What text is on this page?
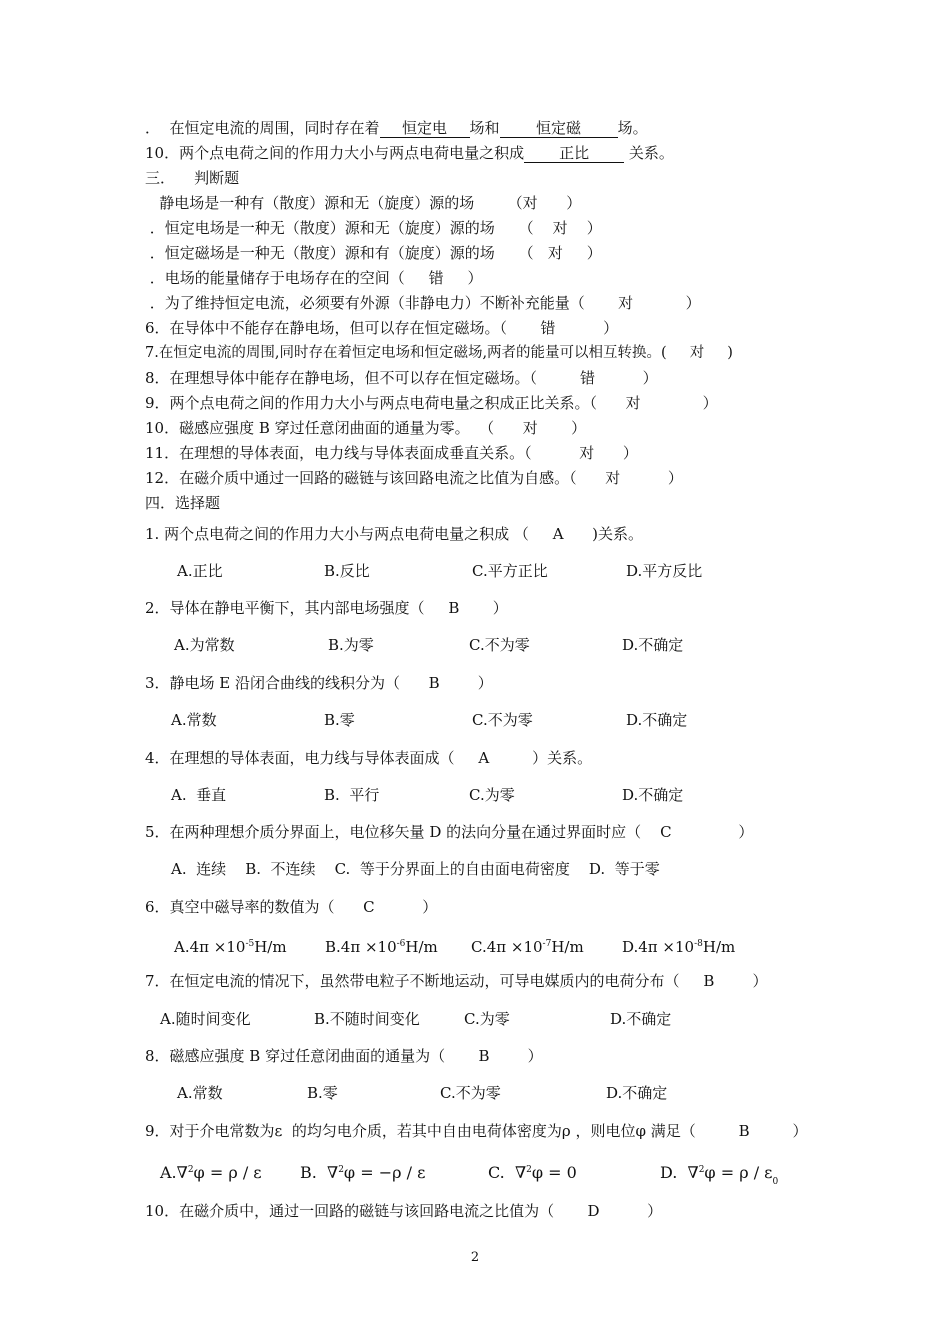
．  在恒定电流的周围，同时存在着 恒定电 场和 恒定磁 场。
10．两个点电荷之间的作用力大小与两点电荷电量之积成 正比 关系。
三．    判断题
静电场是一种有（散度）源和无（旋度）源的场       （对      ）
．恒定电场是一种无（散度）源和无（旋度）源的场     （    对    ）
．恒定磁场是一种无（散度）源和有（旋度）源的场     （   对     ）
．电场的能量储存于电场存在的空间（     错     ）
．为了维持恒定电流，必须要有外源（非静电力）不断补充能量（       对           ）
6．在导体中不能存在静电场，但可以存在恒定磁场。（       错          ）
7.在恒定电流的周围,同时存在着恒定电场和恒定磁场,两者的能量可以相互转换。(     对     )
8．在理想导体中能存在静电场，但不可以存在恒定磁场。（         错          ）
9．两个点电荷之间的作用力大小与两点电荷电量之积成正比关系。（      对             ）
10．磁感应强度 B 穿过任意闭曲面的通量为零。  （      对       ）
11．在理想的导体表面，电力线与导体表面成垂直关系。（          对      ）
12．在磁介质中通过一回路的磁链与该回路电流之比值为自感。（      对          ）
四．选择题
1. 两个点电荷之间的作用力大小与两点电荷电量之积成 （     A      )关系。
A.正比	B.反比	C.平方正比	D.平方反比
2．导体在静电平衡下，其内部电场强度（     B       ）
A.为常数	B.为零	C.不为零	D.不确定
3．静电场 E 沿闭合曲线的线积分为（      B        ）
A.常数	B.零	C.不为零	D.不确定
4．在理想的导体表面，电力线与导体表面成（     A         ）关系。
A.  垂直	B.  平行	C.为零	D.不确定
5．在两种理想介质分界面上，电位移矢量 D 的法向分量在通过界面时应（    C              ）
A.  连续    B.  不连续    C.  等于分界面上的自由面电荷密度    D.  等于零
6．真空中磁导率的数值为（      C          ）
$A.4\pi \times 10^{-5}H/m$	$B.4\pi \times 10^{-6}H/m$ $C.4\pi \times 10^{-7}H/m$	$D.4\pi \times 10^{-8}H/m$
7．在恒定电流的情况下，虽然带电粒子不断地运动，可导电媒质内的电荷分布（     B        ）
A.随时间变化	B.不随时间变化	C.为零	D.不确定
8．磁感应强度 B 穿过任意闭曲面的通量为（       B        ）
A.常数	B.零	C.不为零	D.不确定
9．对于介电常数为ε  的均匀电介质，若其中自由电荷体密度为ρ ，则电位φ 满足（         B         ）
A.∇$^2$φ = ρ / ε B.  ∇$^2$φ = −ρ / ε	C.  ∇$^2$φ = 0	D.  $\nabla^2\varphi = \rho / \varepsilon_0$
10．在磁介质中，通过一回路的磁链与该回路电流之比值为（       D          ）
2
